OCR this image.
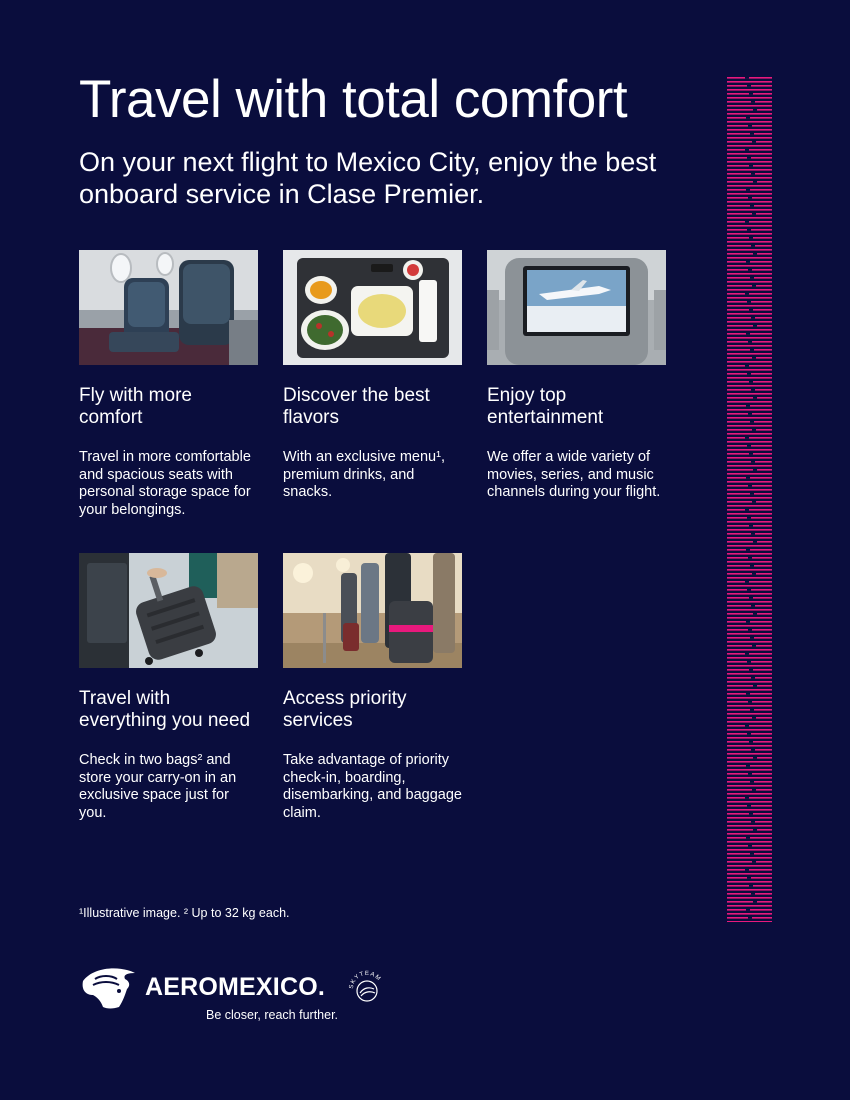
Travel with total comfort

On your next flight to Mexico City, enjoy the best onboard service in Clase Premier.

Fly with more comfort
Travel in more comfortable and spacious seats with personal storage space for your belongings.
Discover the best flavors
With an exclusive menu¹, premium drinks, and snacks.
Enjoy top entertainment
We offer a wide variety of movies, series, and music channels during your flight.
Travel with everything you need
Check in two bags² and store your carry-on in an exclusive space just for you.
Access priority services
Take advantage of priority check-in, boarding, disembarking, and baggage claim.
¹Illustrative image. ² Up to 32 kg each.
AEROMEXICO.
Be closer, reach further.
SKYTEAM
